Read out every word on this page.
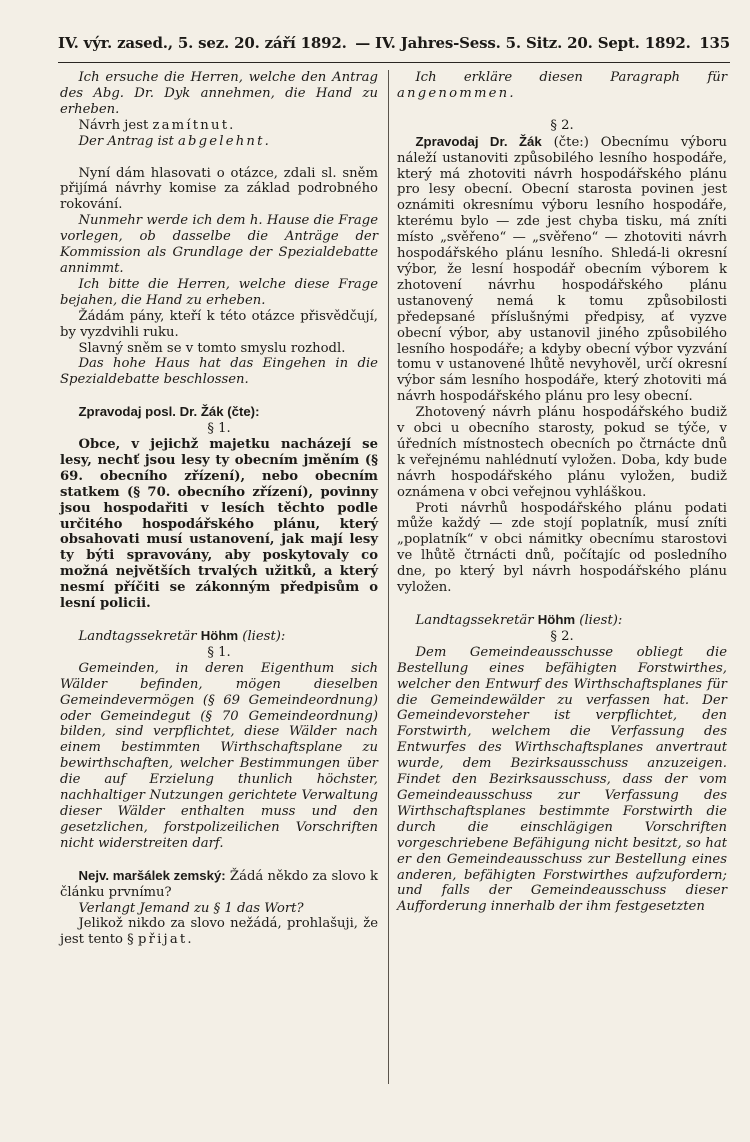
IV. výr. zased., 5. sez. 20. září 1892. — IV. Jahres-Sess. 5. Sitz. 20. Sept. 1892. 135

Ich ersuche die Herren, welche den Antrag des Abg. Dr. Dyk annehmen, die Hand zu erheben.

Návrh jest zamítnut.

Der Antrag ist abgelehnt.

Nyní dám hlasovati o otázce, zdali sl. sněm přijímá návrhy komise za základ podrobného rokování.

Nunmehr werde ich dem h. Hause die Frage vorlegen, ob dasselbe die Anträge der Kommission als Grundlage der Spezialdebatte annimmt.

Ich bitte die Herren, welche diese Frage bejahen, die Hand zu erheben.

Žádám pány, kteří k této otázce přisvědčují, by vyzdvihli ruku.

Slavný sněm se v tomto smyslu rozhodl.

Das hohe Haus hat das Eingehen in die Spezialdebatte beschlossen.

Zpravodaj posl. Dr. Žák (čte):

§ 1.

Obce, v jejichž majetku nacházejí se lesy, nechť jsou lesy ty obecním jměním (§ 69. obecního zřízení), nebo obecním statkem (§ 70. obecního zřízení), povinny jsou hospodařiti v lesích těchto podle určitého hospodářského plánu, který obsahovati musí ustanovení, jak mají lesy ty býti spravovány, aby poskytovaly co možná největších trvalých užitků, a který nesmí příčiti se zákonným předpisům o lesní policii.

Landtagssekretär Höhm (liest):

§ 1.

Gemeinden, in deren Eigenthum sich Wälder befinden, mögen dieselben Gemeindevermögen (§ 69 Gemeindeordnung) oder Gemeindegut (§ 70 Gemeindeordnung) bilden, sind verpflichtet, diese Wälder nach einem bestimmten Wirthschaftsplane zu bewirthschaften, welcher Bestimmungen über die auf Erzielung thunlich höchster, nachhaltiger Nutzungen gerichtete Verwaltung dieser Wälder enthalten muss und den gesetzlichen, forstpolizeilichen Vorschriften nicht widerstreiten darf.

Nejv. maršálek zemský: Žádá někdo za slovo k článku prvnímu?

Verlangt Jemand zu § 1 das Wort?

Jelikož nikdo za slovo nežádá, prohlašuji, že jest tento § přijat.

Ich erkläre diesen Paragraph für angenommen.

§ 2.

Zpravodaj Dr. Žák (čte:) Obecnímu výboru náleží ustanoviti způsobilého lesního hospodáře, který má zhotoviti návrh hospodářského plánu pro lesy obecní. Obecní starosta povinen jest oznámiti okresnímu výboru lesního hospodáře, kterému bylo — zde jest chyba tisku, má zníti místo „svěřeno“ — „svěřeno“ — zhotoviti návrh hospodářského plánu lesního. Shledá-li okresní výbor, že lesní hospodář obecním výborem k zhotovení návrhu hospodářského plánu ustanovený nemá k tomu způsobilosti předepsané příslušnými předpisy, ať vyzve obecní výbor, aby ustanovil jiného způsobilého lesního hospodáře; a kdyby obecní výbor vyzvání tomu v ustanovené lhůtě nevyhověl, určí okresní výbor sám lesního hospodáře, který zhotoviti má návrh hospodářského plánu pro lesy obecní.

Zhotovený návrh plánu hospodářského budiž v obci u obecního starosty, pokud se týče, v úředních místnostech obecních po čtrnácte dnů k veřejnému nahlédnutí vyložen. Doba, kdy bude návrh hospodářského plánu vyložen, budiž oznámena v obci veřejnou vyhláškou.

Proti návrhů hospodářského plánu podati může každý — zde stojí poplatník, musí zníti „poplatník“ v obci námitky obecnímu starostovi ve lhůtě čtrnácti dnů, počítajíc od posledního dne, po který byl návrh hospodářského plánu vyložen.

Landtagssekretär Höhm (liest):

§ 2.

Dem Gemeindeausschusse obliegt die Bestellung eines befähigten Forstwirthes, welcher den Entwurf des Wirthschaftsplanes für die Gemeindewälder zu verfassen hat. Der Gemeindevorsteher ist verpflichtet, den Forstwirth, welchem die Verfassung des Entwurfes des Wirthschaftsplanes anvertraut wurde, dem Bezirksausschuss anzuzeigen. Findet den Bezirksausschuss, dass der vom Gemeindeausschuss zur Verfassung des Wirthschaftsplanes bestimmte Forstwirth die durch die einschlägigen Vorschriften vorgeschriebene Befähigung nicht besitzt, so hat er den Gemeindeausschuss zur Bestellung eines anderen, befähigten Forstwirthes aufzufordern; und falls der Gemeindeausschuss dieser Aufforderung innerhalb der ihm festgesetzten
